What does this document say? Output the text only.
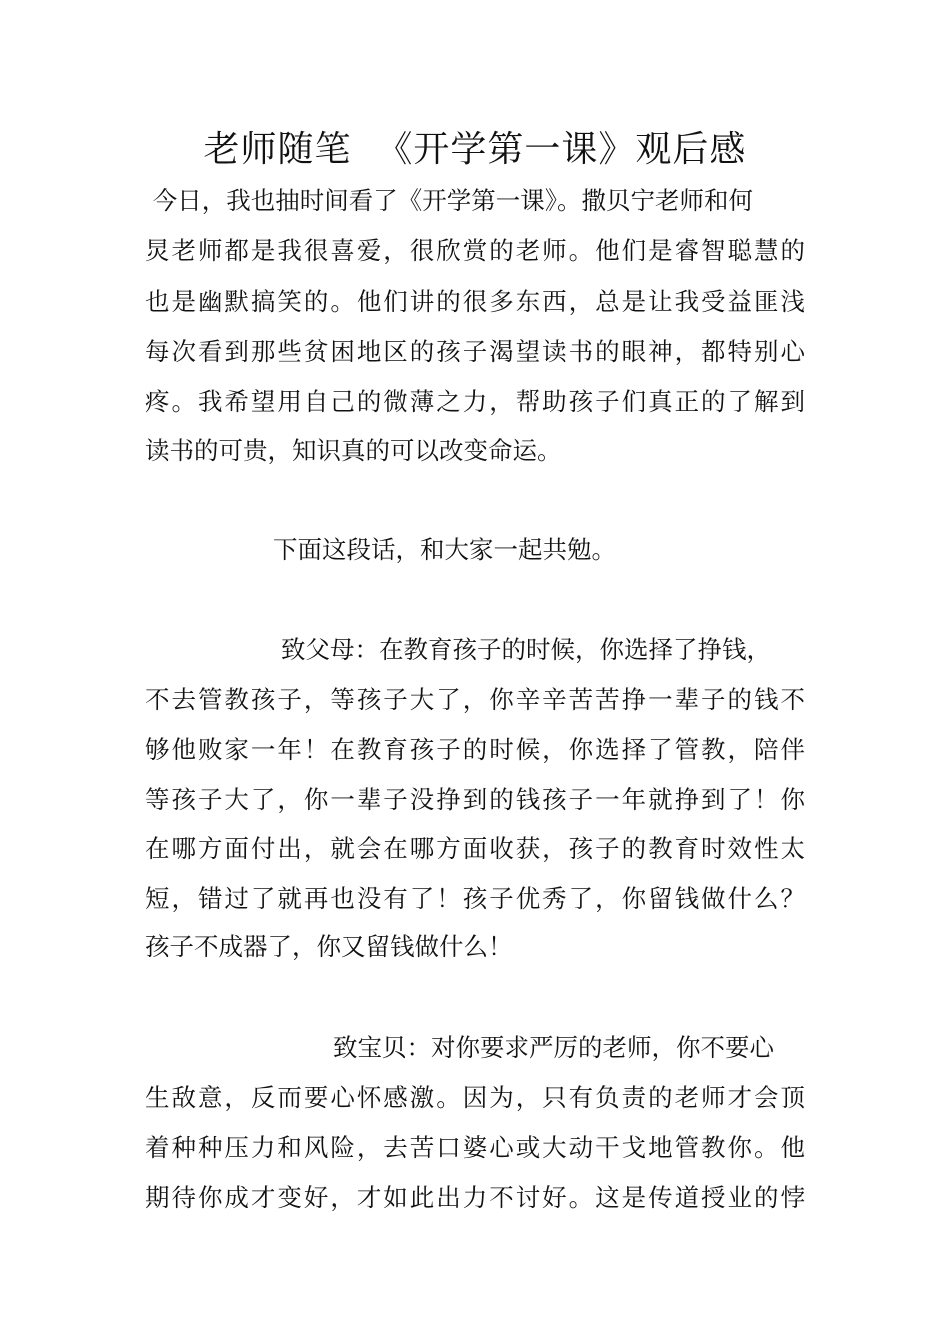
老师随笔  《开学第一课》观后感

今日，我也抽时间看了《开学第一课》。撒贝宁老师和何

炅老师都是我很喜爱，很欣赏的老师。他们是睿智聪慧的

也是幽默搞笑的。他们讲的很多东西，总是让我受益匪浅

每次看到那些贫困地区的孩子渴望读书的眼神，都特别心

疼。我希望用自己的微薄之力，帮助孩子们真正的了解到

读书的可贵，知识真的可以改变命运。

下面这段话，和大家一起共勉。

致父母：在教育孩子的时候，你选择了挣钱，

不去管教孩子，等孩子大了，你辛辛苦苦挣一辈子的钱不

够他败家一年！在教育孩子的时候，你选择了管教，陪伴

等孩子大了，你一辈子没挣到的钱孩子一年就挣到了！你

在哪方面付出，就会在哪方面收获，孩子的教育时效性太

短，错过了就再也没有了！孩子优秀了，你留钱做什么？

孩子不成器了，你又留钱做什么！

致宝贝：对你要求严厉的老师，你不要心

生敌意，反而要心怀感激。因为，只有负责的老师才会顶

着种种压力和风险，去苦口婆心或大动干戈地管教你。他

期待你成才变好，才如此出力不讨好。这是传道授业的悖
